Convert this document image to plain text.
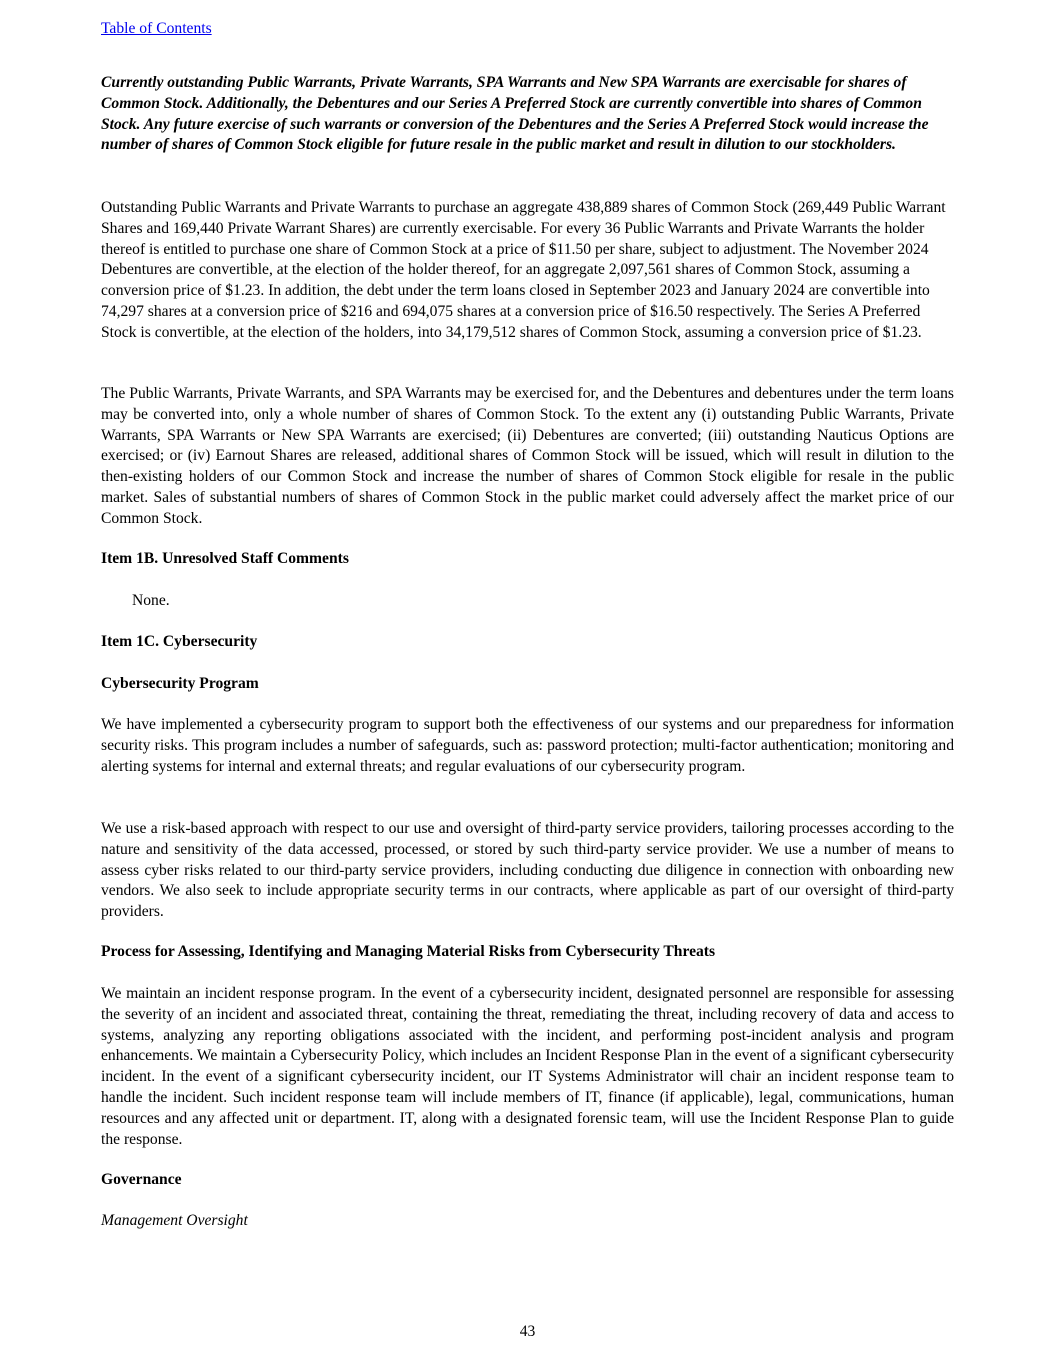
Table of Contents

Currently outstanding Public Warrants, Private Warrants, SPA Warrants and New SPA Warrants are exercisable for shares of Common Stock. Additionally, the Debentures and our Series A Preferred Stock are currently convertible into shares of Common Stock. Any future exercise of such warrants or conversion of the Debentures and the Series A Preferred Stock would increase the number of shares of Common Stock eligible for future resale in the public market and result in dilution to our stockholders.

Outstanding Public Warrants and Private Warrants to purchase an aggregate 438,889 shares of Common Stock (269,449 Public Warrant Shares and 169,440 Private Warrant Shares) are currently exercisable. For every 36 Public Warrants and Private Warrants the holder thereof is entitled to purchase one share of Common Stock at a price of $11.50 per share, subject to adjustment. The November 2024 Debentures are convertible, at the election of the holder thereof, for an aggregate 2,097,561 shares of Common Stock, assuming a conversion price of $1.23. In addition, the debt under the term loans closed in September 2023 and January 2024 are convertible into 74,297 shares at a conversion price of $216 and 694,075 shares at a conversion price of $16.50 respectively. The Series A Preferred Stock is convertible, at the election of the holders, into 34,179,512 shares of Common Stock, assuming a conversion price of $1.23.

The Public Warrants, Private Warrants, and SPA Warrants may be exercised for, and the Debentures and debentures under the term loans may be converted into, only a whole number of shares of Common Stock. To the extent any (i) outstanding Public Warrants, Private Warrants, SPA Warrants or New SPA Warrants are exercised; (ii) Debentures are converted; (iii) outstanding Nauticus Options are exercised; or (iv) Earnout Shares are released, additional shares of Common Stock will be issued, which will result in dilution to the then-existing holders of our Common Stock and increase the number of shares of Common Stock eligible for resale in the public market. Sales of substantial numbers of shares of Common Stock in the public market could adversely affect the market price of our Common Stock.

Item 1B. Unresolved Staff Comments

None.

Item 1C. Cybersecurity

Cybersecurity Program

We have implemented a cybersecurity program to support both the effectiveness of our systems and our preparedness for information security risks. This program includes a number of safeguards, such as: password protection; multi-factor authentication; monitoring and alerting systems for internal and external threats; and regular evaluations of our cybersecurity program.

We use a risk-based approach with respect to our use and oversight of third-party service providers, tailoring processes according to the nature and sensitivity of the data accessed, processed, or stored by such third-party service provider. We use a number of means to assess cyber risks related to our third-party service providers, including conducting due diligence in connection with onboarding new vendors. We also seek to include appropriate security terms in our contracts, where applicable as part of our oversight of third-party providers.

Process for Assessing, Identifying and Managing Material Risks from Cybersecurity Threats

We maintain an incident response program. In the event of a cybersecurity incident, designated personnel are responsible for assessing the severity of an incident and associated threat, containing the threat, remediating the threat, including recovery of data and access to systems, analyzing any reporting obligations associated with the incident, and performing post-incident analysis and program enhancements. We maintain a Cybersecurity Policy, which includes an Incident Response Plan in the event of a significant cybersecurity incident. In the event of a significant cybersecurity incident, our IT Systems Administrator will chair an incident response team to handle the incident. Such incident response team will include members of IT, finance (if applicable), legal, communications, human resources and any affected unit or department. IT, along with a designated forensic team, will use the Incident Response Plan to guide the response.

Governance

Management Oversight

43
